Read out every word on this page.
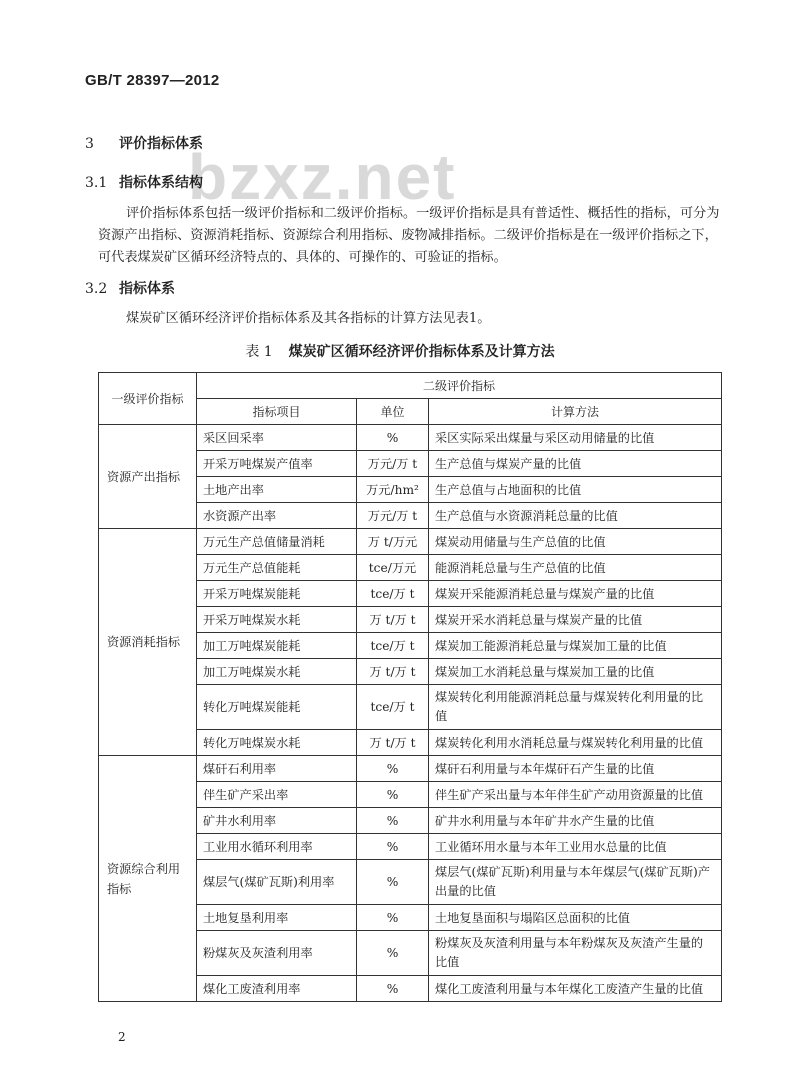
GB/T 28397—2012
bzxz.net
3 评价指标体系
3.1 指标体系结构
评价指标体系包括一级评价指标和二级评价指标。一级评价指标是具有普适性、概括性的指标，可分为资源产出指标、资源消耗指标、资源综合利用指标、废物减排指标。二级评价指标是在一级评价指标之下，可代表煤炭矿区循环经济特点的、具体的、可操作的、可验证的指标。
3.2 指标体系
煤炭矿区循环经济评价指标体系及其各指标的计算方法见表1。
表 1 煤炭矿区循环经济评价指标体系及计算方法
一级评价指标	二级评价指标		
	指标项目	单位	计算方法
资源产出指标	采区回采率	%	采区实际采出煤量与采区动用储量的比值
	开采万吨煤炭产值率	万元/万 t	生产总值与煤炭产量的比值
	土地产出率	万元/hm²	生产总值与占地面积的比值
	水资源产出率	万元/万 t	生产总值与水资源消耗总量的比值
资源消耗指标	万元生产总值储量消耗	万 t/万元	煤炭动用储量与生产总值的比值
	万元生产总值能耗	tce/万元	能源消耗总量与生产总值的比值
	开采万吨煤炭能耗	tce/万 t	煤炭开采能源消耗总量与煤炭产量的比值
	开采万吨煤炭水耗	万 t/万 t	煤炭开采水消耗总量与煤炭产量的比值
	加工万吨煤炭能耗	tce/万 t	煤炭加工能源消耗总量与煤炭加工量的比值
	加工万吨煤炭水耗	万 t/万 t	煤炭加工水消耗总量与煤炭加工量的比值
	转化万吨煤炭能耗	tce/万 t	煤炭转化利用能源消耗总量与煤炭转化利用量的比值
	转化万吨煤炭水耗	万 t/万 t	煤炭转化利用水消耗总量与煤炭转化利用量的比值
资源综合利用指标	煤矸石利用率	%	煤矸石利用量与本年煤矸石产生量的比值
	伴生矿产采出率	%	伴生矿产采出量与本年伴生矿产动用资源量的比值
	矿井水利用率	%	矿井水利用量与本年矿井水产生量的比值
	工业用水循环利用率	%	工业循环用水量与本年工业用水总量的比值
	煤层气(煤矿瓦斯)利用率	%	煤层气(煤矿瓦斯)利用量与本年煤层气(煤矿瓦斯)产出量的比值
	土地复垦利用率	%	土地复垦面积与塌陷区总面积的比值
	粉煤灰及灰渣利用率	%	粉煤灰及灰渣利用量与本年粉煤灰及灰渣产生量的比值
	煤化工废渣利用率	%	煤化工废渣利用量与本年煤化工废渣产生量的比值
2
